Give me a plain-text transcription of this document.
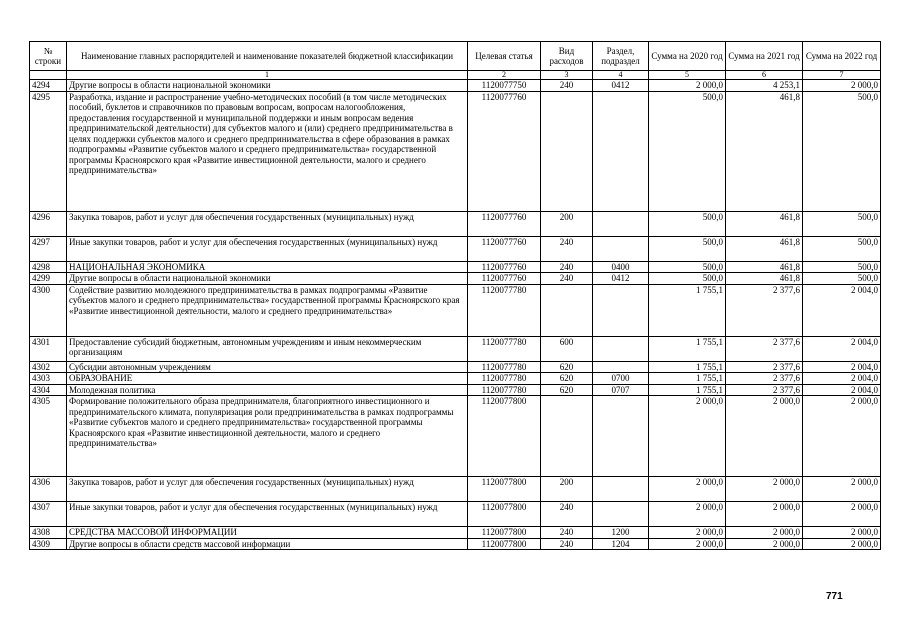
№ строки	Наименование главных распорядителей и наименование показателей бюджетной классификации	Целевая статья	Вид расходов	Раздел, подраздел	Сумма на 2020 год	Сумма на 2021 год	Сумма на 2022 год
	1	2	3	4	5	6	7
4294	Другие вопросы в области национальной экономики	1120077750	240	0412	2 000,0	4 253,1	2 000,0
4295	Разработка, издание и распространение учебно-методических пособий (в том числе методических пособий, буклетов и справочников по правовым вопросам, вопросам налогообложения, предоставления государственной и муниципальной поддержки и иным вопросам ведения предпринимательской деятельности) для субъектов малого и (или) среднего предпринимательства в целях поддержки субъектов малого и среднего предпринимательства в сфере образования в рамках подпрограммы «Развитие субъектов малого и среднего предпринимательства» государственной программы Красноярского края «Развитие инвестиционной деятельности, малого и среднего предпринимательства»	1120077760			500,0	461,8	500,0
4296	Закупка товаров, работ и услуг для обеспечения государственных (муниципальных) нужд	1120077760	200		500,0	461,8	500,0
4297	Иные закупки товаров, работ и услуг для обеспечения государственных (муниципальных) нужд	1120077760	240		500,0	461,8	500,0
4298	НАЦИОНАЛЬНАЯ ЭКОНОМИКА	1120077760	240	0400	500,0	461,8	500,0
4299	Другие вопросы в области национальной экономики	1120077760	240	0412	500,0	461,8	500,0
4300	Содействие развитию молодежного предпринимательства в рамках подпрограммы «Развитие субъектов малого и среднего предпринимательства» государственной программы Красноярского края «Развитие инвестиционной деятельности, малого и среднего предпринимательства»	1120077780			1 755,1	2 377,6	2 004,0
4301	Предоставление субсидий бюджетным, автономным учреждениям и иным некоммерческим организациям	1120077780	600		1 755,1	2 377,6	2 004,0
4302	Субсидии автономным учреждениям	1120077780	620		1 755,1	2 377,6	2 004,0
4303	ОБРАЗОВАНИЕ	1120077780	620	0700	1 755,1	2 377,6	2 004,0
4304	Молодежная политика	1120077780	620	0707	1 755,1	2 377,6	2 004,0
4305	Формирование положительного образа предпринимателя, благоприятного инвестиционного и предпринимательского климата, популяризация роли предпринимательства в рамках подпрограммы «Развитие субъектов малого и среднего предпринимательства» государственной программы Красноярского края «Развитие инвестиционной деятельности, малого и среднего предпринимательства»	1120077800			2 000,0	2 000,0	2 000,0
4306	Закупка товаров, работ и услуг для обеспечения государственных (муниципальных) нужд	1120077800	200		2 000,0	2 000,0	2 000,0
4307	Иные закупки товаров, работ и услуг для обеспечения государственных (муниципальных) нужд	1120077800	240		2 000,0	2 000,0	2 000,0
4308	СРЕДСТВА МАССОВОЙ ИНФОРМАЦИИ	1120077800	240	1200	2 000,0	2 000,0	2 000,0
4309	Другие вопросы в области средств массовой информации	1120077800	240	1204	2 000,0	2 000,0	2 000,0
771
